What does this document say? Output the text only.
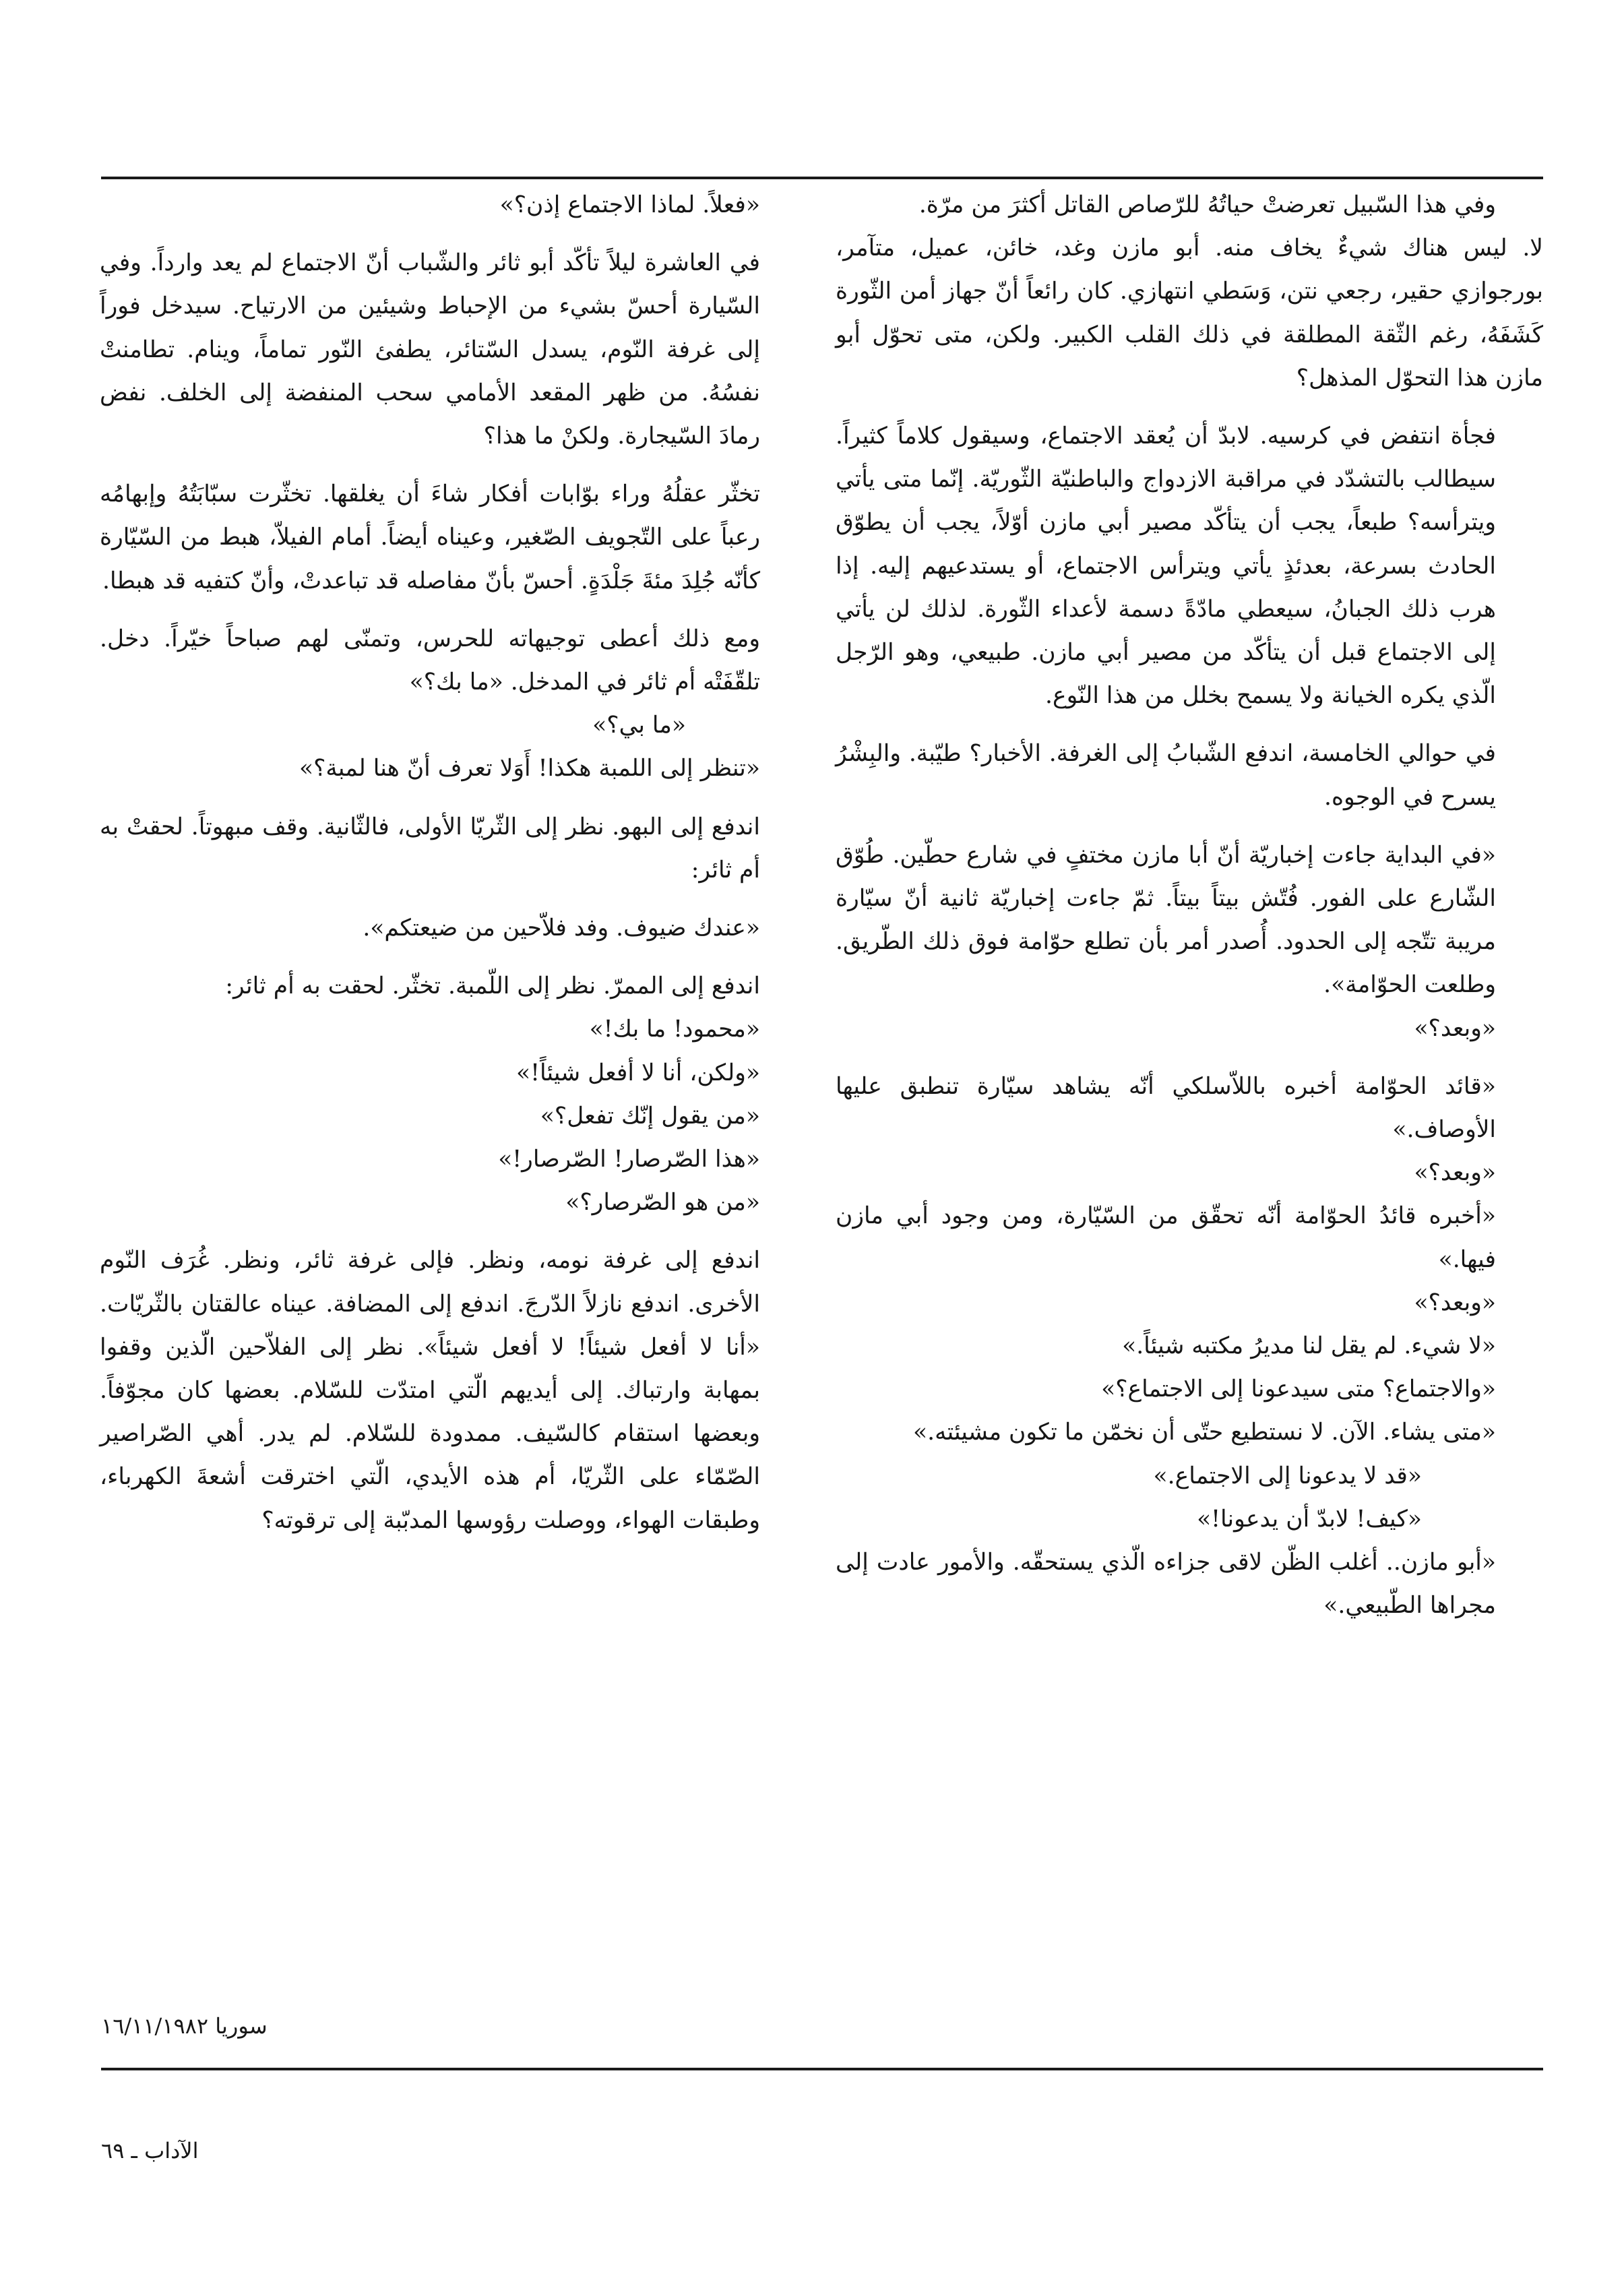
وفي هذا السّبيل تعرضتْ حياتُهُ للرّصاص القاتل أكثرَ من مرّة.

لا. ليس هناك شيءٌ يخاف منه. أبو مازن وغد، خائن، عميل، متآمر، بورجوازي حقير، رجعي نتن، وَسَطي انتهازي. كان رائعاً أنّ جهاز أمن الثّورة كَشَفَهُ، رغم الثّقة المطلقة في ذلك القلب الكبير. ولكن، متى تحوّل أبو مازن هذا التحوّل المذهل؟

فجأة انتفض في كرسيه. لابدّ أن يُعقد الاجتماع، وسيقول كلاماً كثيراً. سيطالب بالتشدّد في مراقبة الازدواج والباطنيّة الثّوريّة. إنّما متى يأتي ويترأسه؟ طبعاً، يجب أن يتأكّد مصير أبي مازن أوّلاً، يجب أن يطوّق الحادث بسرعة، بعدئذٍ يأتي ويترأس الاجتماع، أو يستدعيهم إليه. إذا هرب ذلك الجبانُ، سيعطي مادّةً دسمة لأعداء الثّورة. لذلك لن يأتي إلى الاجتماع قبل أن يتأكّد من مصير أبي مازن. طبيعي، وهو الرّجل الّذي يكره الخيانة ولا يسمح بخلل من هذا النّوع.

في حوالي الخامسة، اندفع الشّبابُ إلى الغرفة. الأخبار؟ طيّبة. والبِشْرُ يسرح في الوجوه.

«في البداية جاءت إخباريّة أنّ أبا مازن مختفٍ في شارع حطّين. طُوّق الشّارع على الفور. فُتّش بيتاً بيتاً. ثمّ جاءت إخباريّة ثانية أنّ سيّارة مريبة تتّجه إلى الحدود. أُصدر أمر بأن تطلع حوّامة فوق ذلك الطّريق. وطلعت الحوّامة».

«وبعد؟»

«قائد الحوّامة أخبره باللاّسلكي أنّه يشاهد سيّارة تنطبق عليها الأوصاف.»

«وبعد؟»

«أخبره قائدُ الحوّامة أنّه تحقّق من السّيّارة، ومن وجود أبي مازن فيها.»

«وبعد؟»

«لا شيء. لم يقل لنا مديرُ مكتبه شيئاً.»

«والاجتماع؟ متى سيدعونا إلى الاجتماع؟»

«متى يشاء. الآن. لا نستطيع حتّى أن نخمّن ما تكون مشيئته.»

«قد لا يدعونا إلى الاجتماع.»

«كيف! لابدّ أن يدعونا!»

«أبو مازن.. أغلب الظّن لاقى جزاءه الّذي يستحقّه. والأمور عادت إلى مجراها الطّبيعي.»

«فعلاً. لماذا الاجتماع إذن؟»

في العاشرة ليلاً تأكّد أبو ثائر والشّباب أنّ الاجتماع لم يعد وارداً. وفي السّيارة أحسّ بشيء من الإحباط وشيئين من الارتياح. سيدخل فوراً إلى غرفة النّوم، يسدل السّتائر، يطفئ النّور تماماً، وينام. تطامنتْ نفسُهُ. من ظهر المقعد الأمامي سحب المنفضة إلى الخلف. نفض رمادَ السّيجارة. ولكنْ ما هذا؟

تخثّر عقلُهُ وراء بوّابات أفكار شاءَ أن يغلقها. تخثّرت سبّابَتُهُ وإبهامُه رعباً على التّجويف الصّغير، وعيناه أيضاً. أمام الفيلاّ، هبط من السّيّارة كأنّه جُلِدَ مئةَ جَلْدَةٍ. أحسّ بأنّ مفاصله قد تباعدتْ، وأنّ كتفيه قد هبطا.

ومع ذلك أعطى توجيهاته للحرس، وتمنّى لهم صباحاً خيّراً. دخل. تلقّفَتْه أم ثائر في المدخل. «ما بك؟»

«ما بي؟»

«تنظر إلى اللمبة هكذا! أَوَلا تعرف أنّ هنا لمبة؟»

اندفع إلى البهو. نظر إلى الثّريّا الأولى، فالثّانية. وقف مبهوتاً. لحقتْ به أم ثائر:

«عندك ضيوف. وفد فلاّحين من ضيعتكم».

اندفع إلى الممرّ. نظر إلى اللّمبة. تخثّر. لحقت به أم ثائر:

«محمود! ما بك!»

«ولكن، أنا لا أفعل شيئاً!»

«من يقول إنّك تفعل؟»

«هذا الصّرصار! الصّرصار!»

«من هو الصّرصار؟»

اندفع إلى غرفة نومه، ونظر. فإلى غرفة ثائر، ونظر. غُرَف النّوم الأخرى. اندفع نازلاً الدّرجَ. اندفع إلى المضافة. عيناه عالقتان بالثّريّات. «أنا لا أفعل شيئاً! لا أفعل شيئاً». نظر إلى الفلاّحين الّذين وقفوا بمهابة وارتباك. إلى أيديهم الّتي امتدّت للسّلام. بعضها كان مجوّفاً. وبعضها استقام كالسّيف. ممدودة للسّلام. لم يدر. أهي الصّراصير الصّمّاء على الثّريّا، أم هذه الأيدي، الّتي اخترقت أشعةَ الكهرباء، وطبقات الهواء، ووصلت رؤوسها المدبّبة إلى ترقوته؟

سوريا ١٦/١١/١٩٨٢
الآداب ـ ٦٩
